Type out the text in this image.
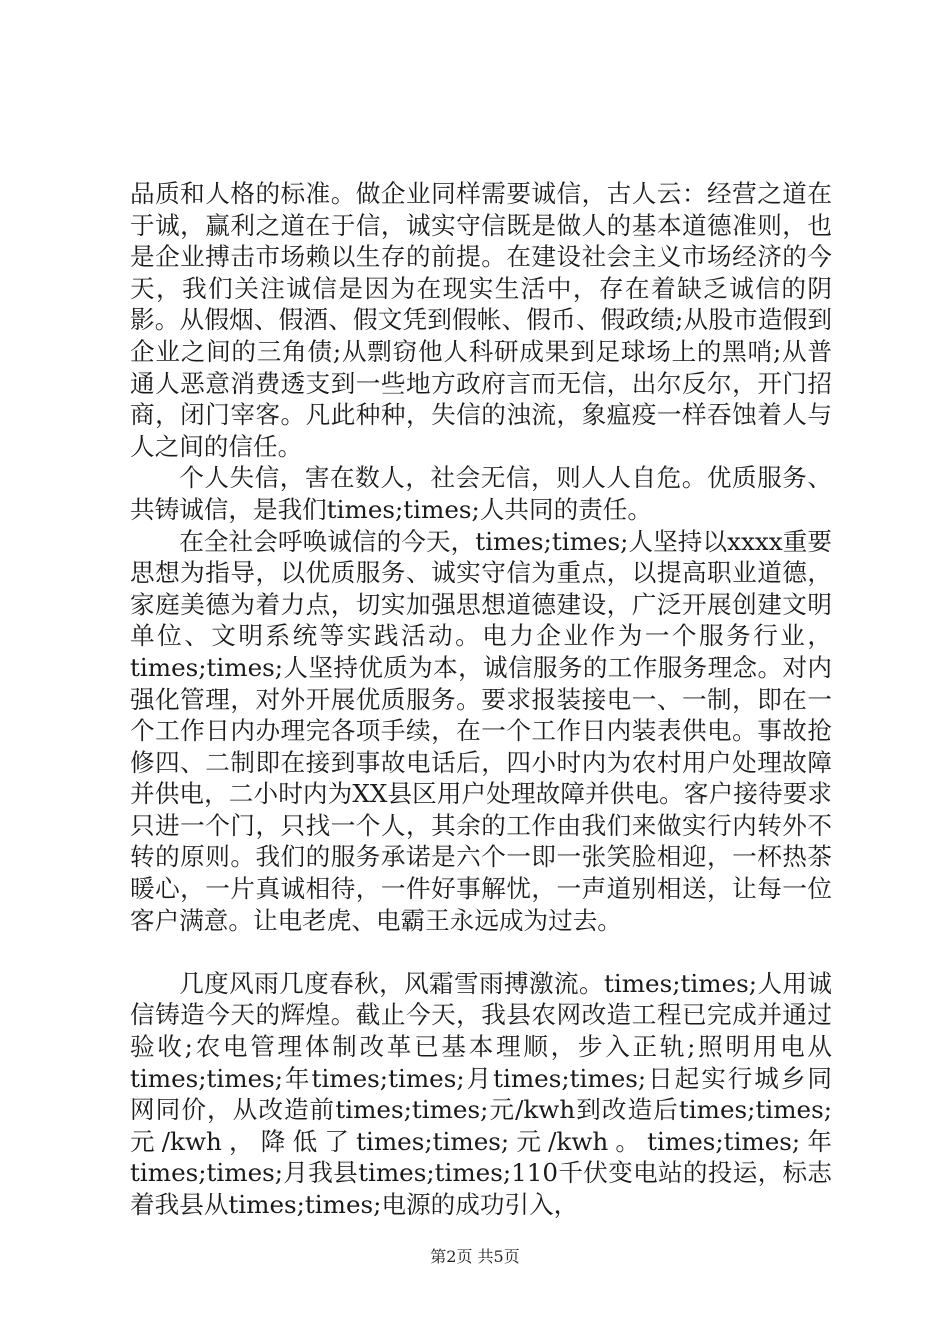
品质和人格的标准。做企业同样需要诚信，古人云：经营之道在于诚，赢利之道在于信，诚实守信既是做人的基本道德准则，也是企业搏击市场赖以生存的前提。在建设社会主义市场经济的今天，我们关注诚信是因为在现实生活中，存在着缺乏诚信的阴影。从假烟、假酒、假文凭到假帐、假币、假政绩;从股市造假到企业之间的三角债;从剽窃他人科研成果到足球场上的黑哨;从普通人恶意消费透支到一些地方政府言而无信，出尔反尔，开门招商，闭门宰客。凡此种种，失信的浊流，象瘟疫一样吞蚀着人与人之间的信任。

个人失信，害在数人，社会无信，则人人自危。优质服务、共铸诚信，是我们times;times;人共同的责任。

在全社会呼唤诚信的今天，times;times;人坚持以xxxx重要思想为指导，以优质服务、诚实守信为重点，以提高职业道德，家庭美德为着力点，切实加强思想道德建设，广泛开展创建文明单位、文明系统等实践活动。电力企业作为一个服务行业，times;times;人坚持优质为本，诚信服务的工作服务理念。对内强化管理，对外开展优质服务。要求报装接电一、一制，即在一个工作日内办理完各项手续，在一个工作日内装表供电。事故抢修四、二制即在接到事故电话后，四小时内为农村用户处理故障并供电，二小时内为XX县区用户处理故障并供电。客户接待要求只进一个门，只找一个人，其余的工作由我们来做实行内转外不转的原则。我们的服务承诺是六个一即一张笑脸相迎，一杯热茶暖心，一片真诚相待，一件好事解忧，一声道别相送，让每一位客户满意。让电老虎、电霸王永远成为过去。

几度风雨几度春秋，风霜雪雨搏激流。times;times;人用诚信铸造今天的辉煌。截止今天，我县农网改造工程已完成并通过验收;农电管理体制改革已基本理顺，步入正轨;照明用电从times;times;年times;times;月times;times;日起实行城乡同网同价，从改造前times;times;元/kwh到改造后times;times;元/kwh，降低了times;times;元/kwh。times;times;年times;times;月我县times;times;110千伏变电站的投运，标志着我县从times;times;电源的成功引入，

第2页 共5页
